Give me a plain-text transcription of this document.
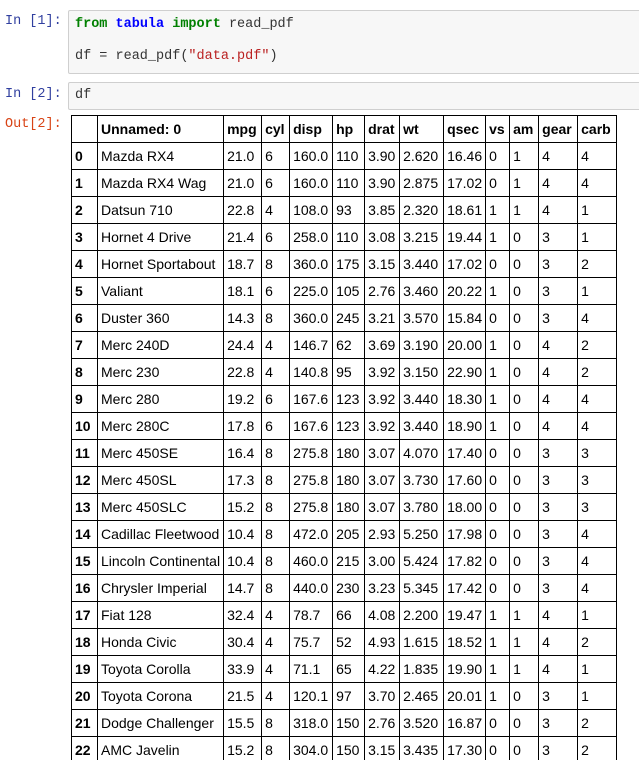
In [1]: from tabula import read_pdf
df = read_pdf("data.pdf")
In [2]: df
Out[2]:
		Unnamed: 0	mpg	cyl	disp	hp	drat	wt	qsec	vs	am	gear	carb
0	Mazda RX4	21.0	6	160.0	110	3.90	2.620	16.46	0	1	4	4
1	Mazda RX4 Wag	21.0	6	160.0	110	3.90	2.875	17.02	0	1	4	4
2	Datsun 710	22.8	4	108.0	93	3.85	2.320	18.61	1	1	4	1
3	Hornet 4 Drive	21.4	6	258.0	110	3.08	3.215	19.44	1	0	3	1
4	Hornet Sportabout	18.7	8	360.0	175	3.15	3.440	17.02	0	0	3	2
5	Valiant	18.1	6	225.0	105	2.76	3.460	20.22	1	0	3	1
6	Duster 360	14.3	8	360.0	245	3.21	3.570	15.84	0	0	3	4
7	Merc 240D	24.4	4	146.7	62	3.69	3.190	20.00	1	0	4	2
8	Merc 230	22.8	4	140.8	95	3.92	3.150	22.90	1	0	4	2
9	Merc 280	19.2	6	167.6	123	3.92	3.440	18.30	1	0	4	4
10	Merc 280C	17.8	6	167.6	123	3.92	3.440	18.90	1	0	4	4
11	Merc 450SE	16.4	8	275.8	180	3.07	4.070	17.40	0	0	3	3
12	Merc 450SL	17.3	8	275.8	180	3.07	3.730	17.60	0	0	3	3
13	Merc 450SLC	15.2	8	275.8	180	3.07	3.780	18.00	0	0	3	3
14	Cadillac Fleetwood	10.4	8	472.0	205	2.93	5.250	17.98	0	0	3	4
15	Lincoln Continental	10.4	8	460.0	215	3.00	5.424	17.82	0	0	3	4
16	Chrysler Imperial	14.7	8	440.0	230	3.23	5.345	17.42	0	0	3	4
17	Fiat 128	32.4	4	78.7	66	4.08	2.200	19.47	1	1	4	1
18	Honda Civic	30.4	4	75.7	52	4.93	1.615	18.52	1	1	4	2
19	Toyota Corolla	33.9	4	71.1	65	4.22	1.835	19.90	1	1	4	1
20	Toyota Corona	21.5	4	120.1	97	3.70	2.465	20.01	1	0	3	1
21	Dodge Challenger	15.5	8	318.0	150	2.76	3.520	16.87	0	0	3	2
22	AMC Javelin	15.2	8	304.0	150	3.15	3.435	17.30	0	0	3	2
